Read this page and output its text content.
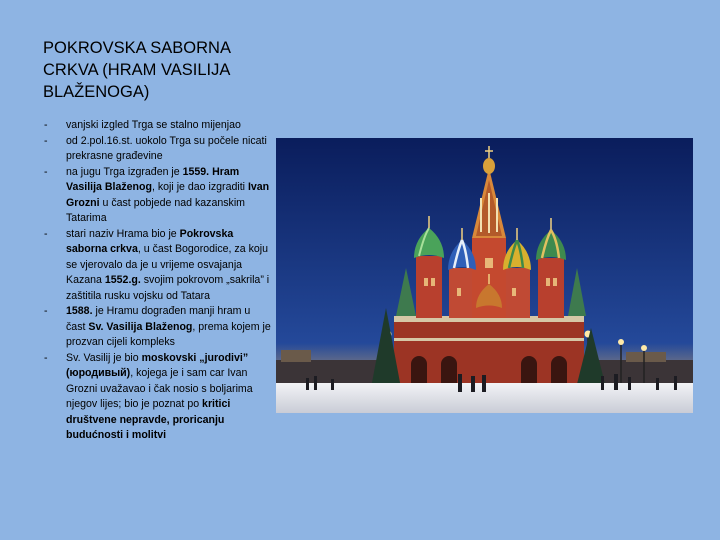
POKROVSKA SABORNA CRKVA (HRAM VASILIJA BLAŽENOGA)
- vanjski izgled Trga se stalno mijenjao
- od 2.pol.16.st. uokolo Trga su počele nicati prekrasne građevine
- na jugu Trga izgrađen je 1559. Hram Vasilija Blaženog, koji je dao izgraditi Ivan Grozni u čast pobjede nad kazanskim Tatarima
- stari naziv Hrama bio je Pokrovska saborna crkva, u čast Bogorodice, za koju se vjerovalo da je u vrijeme osvajanja Kazana 1552.g. svojim pokrovom „sakrila” i zaštitila rusku vojsku od Tatara
- 1588. je Hramu dograđen manji hram u čast Sv. Vasilija Blaženog, prema kojem je prozvan cijeli kompleks
- Sv. Vasilij je bio moskovski „jurodivi” (юродивый), kojega je i sam car Ivan Grozni uvažavao i čak nosio s boljarima njegov lijes; bio je poznat po kritici društvene nepravde, proricanju budućnosti i molitvi
